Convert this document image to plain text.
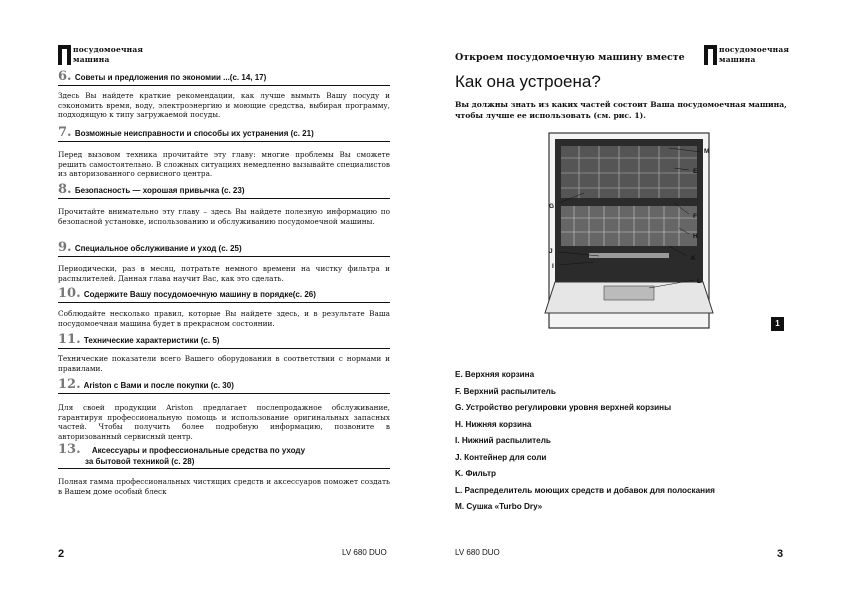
посудомоечная
машина
6. Советы и предложения по экономии ...(с. 14, 17)
Здесь Вы найдете кратк​ие рекомендации, как лучше вымыть Вашу посуду и сэкономить время, воду, электроэнергию и моющие средства, выбирая программу, подходящую к типу загружаемой посуды.
7. Возможные неисправности и способы их устранения (с. 21)
Перед вызовом техника прочитайте эту главу: многие проблемы Вы сможете решить самостоятельно. В сложных ситуациях немедленно вызывайте специалистов из авторизованного сервисного центра.
8. Безопасность — хорошая привычка (с. 23)
Прочитайте внимательно эту главу – здесь Вы найдете полезную информацию по безопасной установке, использованию и обслуживанию посудомоечной машины.
9. Специальное обслуживание и уход (с. 25)
Периодически, раз в месяц, потратьте немного времени на чистку фильтра и распылителей. Данная глава научит Вас, как это сделать.
10. Содержите Вашу посудомоечную машину в порядке(с. 26)
Соблюдайте несколько правил, которые Вы найдете здесь, и в результате Ваша посудомоечная машина будет в прекрасном состоянии.
11. Технические характеристики (с. 5)
Технические показатели всего Вашего оборудования в соответствии с нормами и правилами.
12. Ariston с Вами и после покупки (с. 30)
Для своей продукции Ariston предлагает послепродажное обслуживание, гарантируя профессиональную помощь и использование оригинальных запасных частей. Чтобы получить более подробную информацию, позвоните в авторизованный сервисный центр.
13. Аксессуары и профессиональные средства по уходу
за бытовой техникой (с. 28)
Полная гамма профессиональных чистящих средств и аксессуаров поможет создать в Вашем доме особый блеск
2	LV 680 DUO
Откроем посудомоечную машину вместе
посудомоечная
машина
Как она устроена?
Вы должны знать из каких частей состоит Ваша посудомоечная машина, чтобы лучше ее использовать (см. рис. 1).
M
E
G
F
H
J
K
I
L
1
E. Верхняя корзина
F. Верхний распылитель
G. Устройство регулировки уровня верхней корзины
H. Нижняя корзина
I. Нижний распылитель
J. Контейнер для соли
K. Фильтр
L. Распределитель моющих средств и добавок для полоскания
M. Сушка «Turbo Dry»
LV 680 DUO	3
